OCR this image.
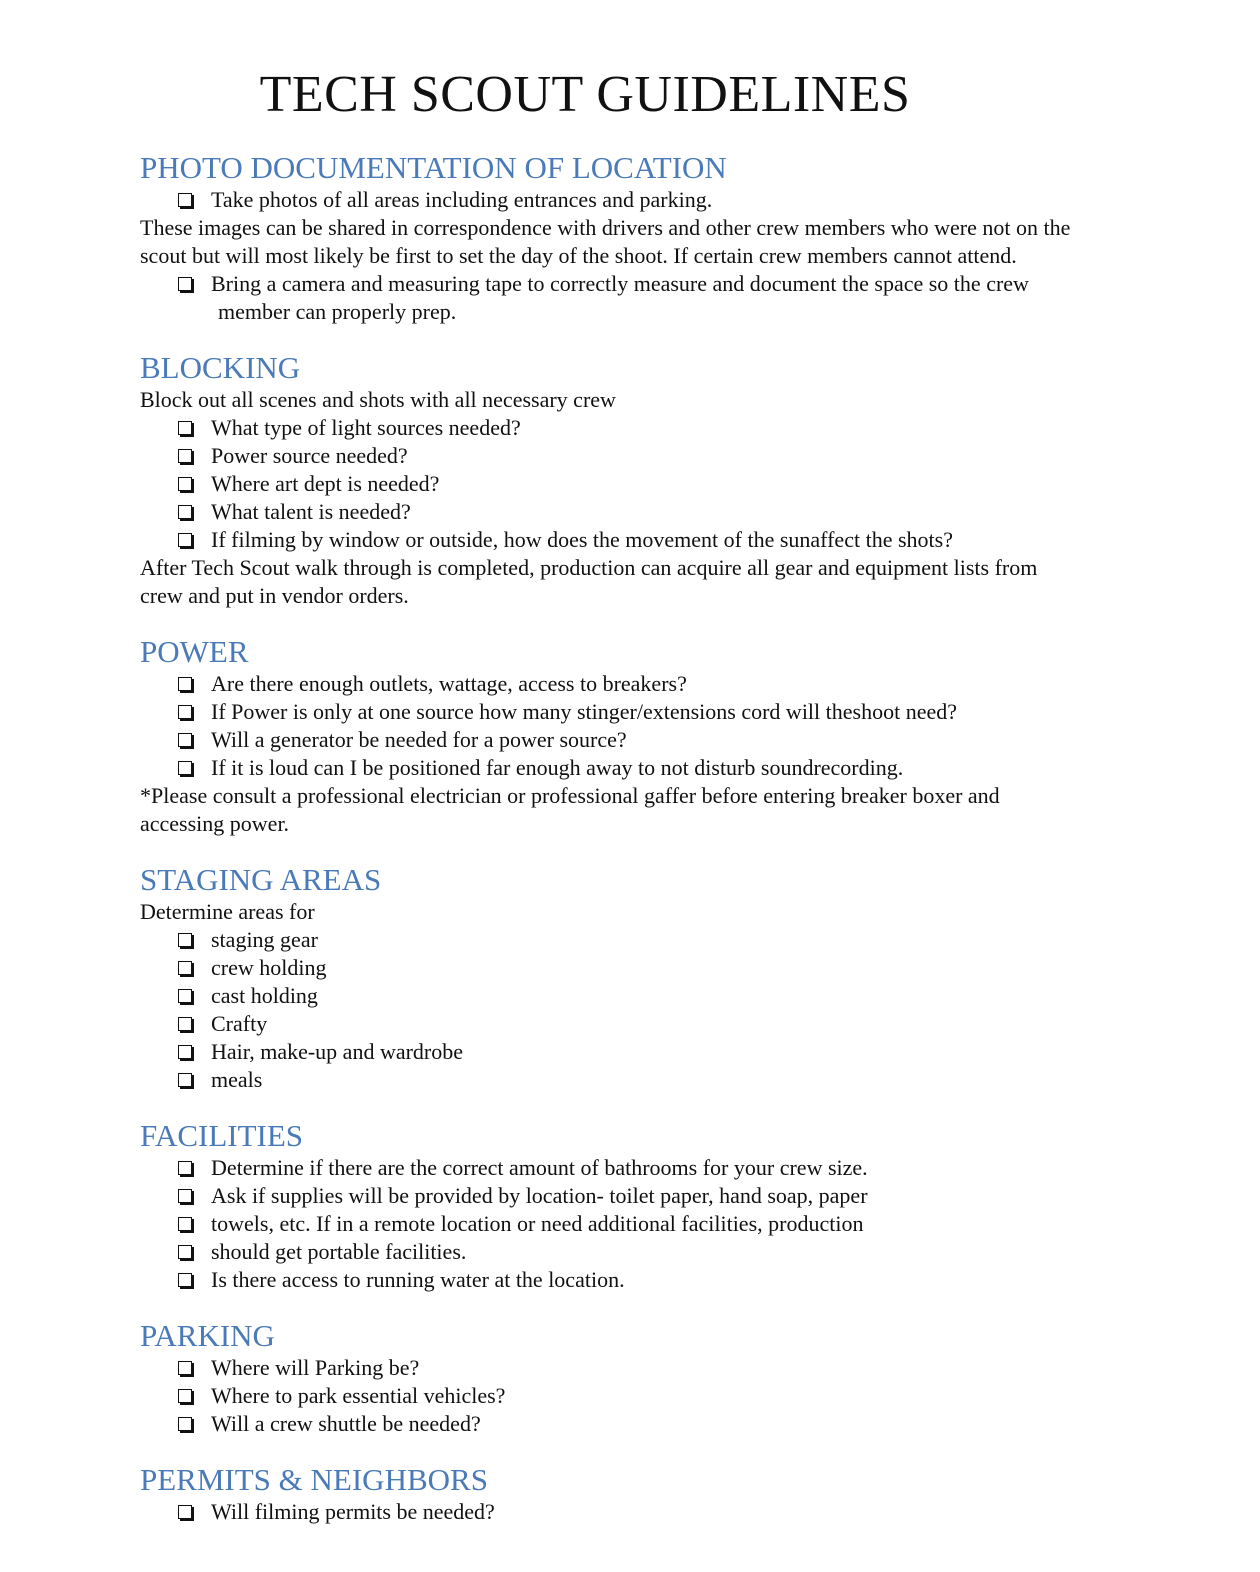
TECH SCOUT GUIDELINES
PHOTO DOCUMENTATION OF LOCATION
Take photos of all areas including entrances and parking.

These images can be shared in correspondence with drivers and other crew members who were not on the scout but will most likely be first to set the day of the shoot. If certain crew members cannot attend.

Bring a camera and measuring tape to correctly measure and document the space so the crew member can properly prep.
BLOCKING

Block out all scenes and shots with all necessary crew

What type of light sources needed?
Power source needed?
Where art dept is needed?
What talent is needed?
If filming by window or outside, how does the movement of the sunaffect the shots?

After Tech Scout walk through is completed, production can acquire all gear and equipment lists from crew and put in vendor orders.

POWER
Are there enough outlets, wattage, access to breakers?
If Power is only at one source how many stinger/extensions cord will theshoot need?
Will a generator be needed for a power source?
If it is loud can I be positioned far enough away to not disturb soundrecording.

*Please consult a professional electrician or professional gaffer before entering breaker boxer and accessing power.

STAGING AREAS

Determine areas for

staging gear
crew holding
cast holding
Crafty
Hair, make-up and wardrobe
meals
FACILITIES
Determine if there are the correct amount of bathrooms for your crew size.
Ask if supplies will be provided by location- toilet paper, hand soap, paper
towels, etc. If in a remote location or need additional facilities, production
should get portable facilities.
Is there access to running water at the location.
PARKING
Where will Parking be?
Where to park essential vehicles?
Will a crew shuttle be needed?
PERMITS & NEIGHBORS
Will filming permits be needed?
